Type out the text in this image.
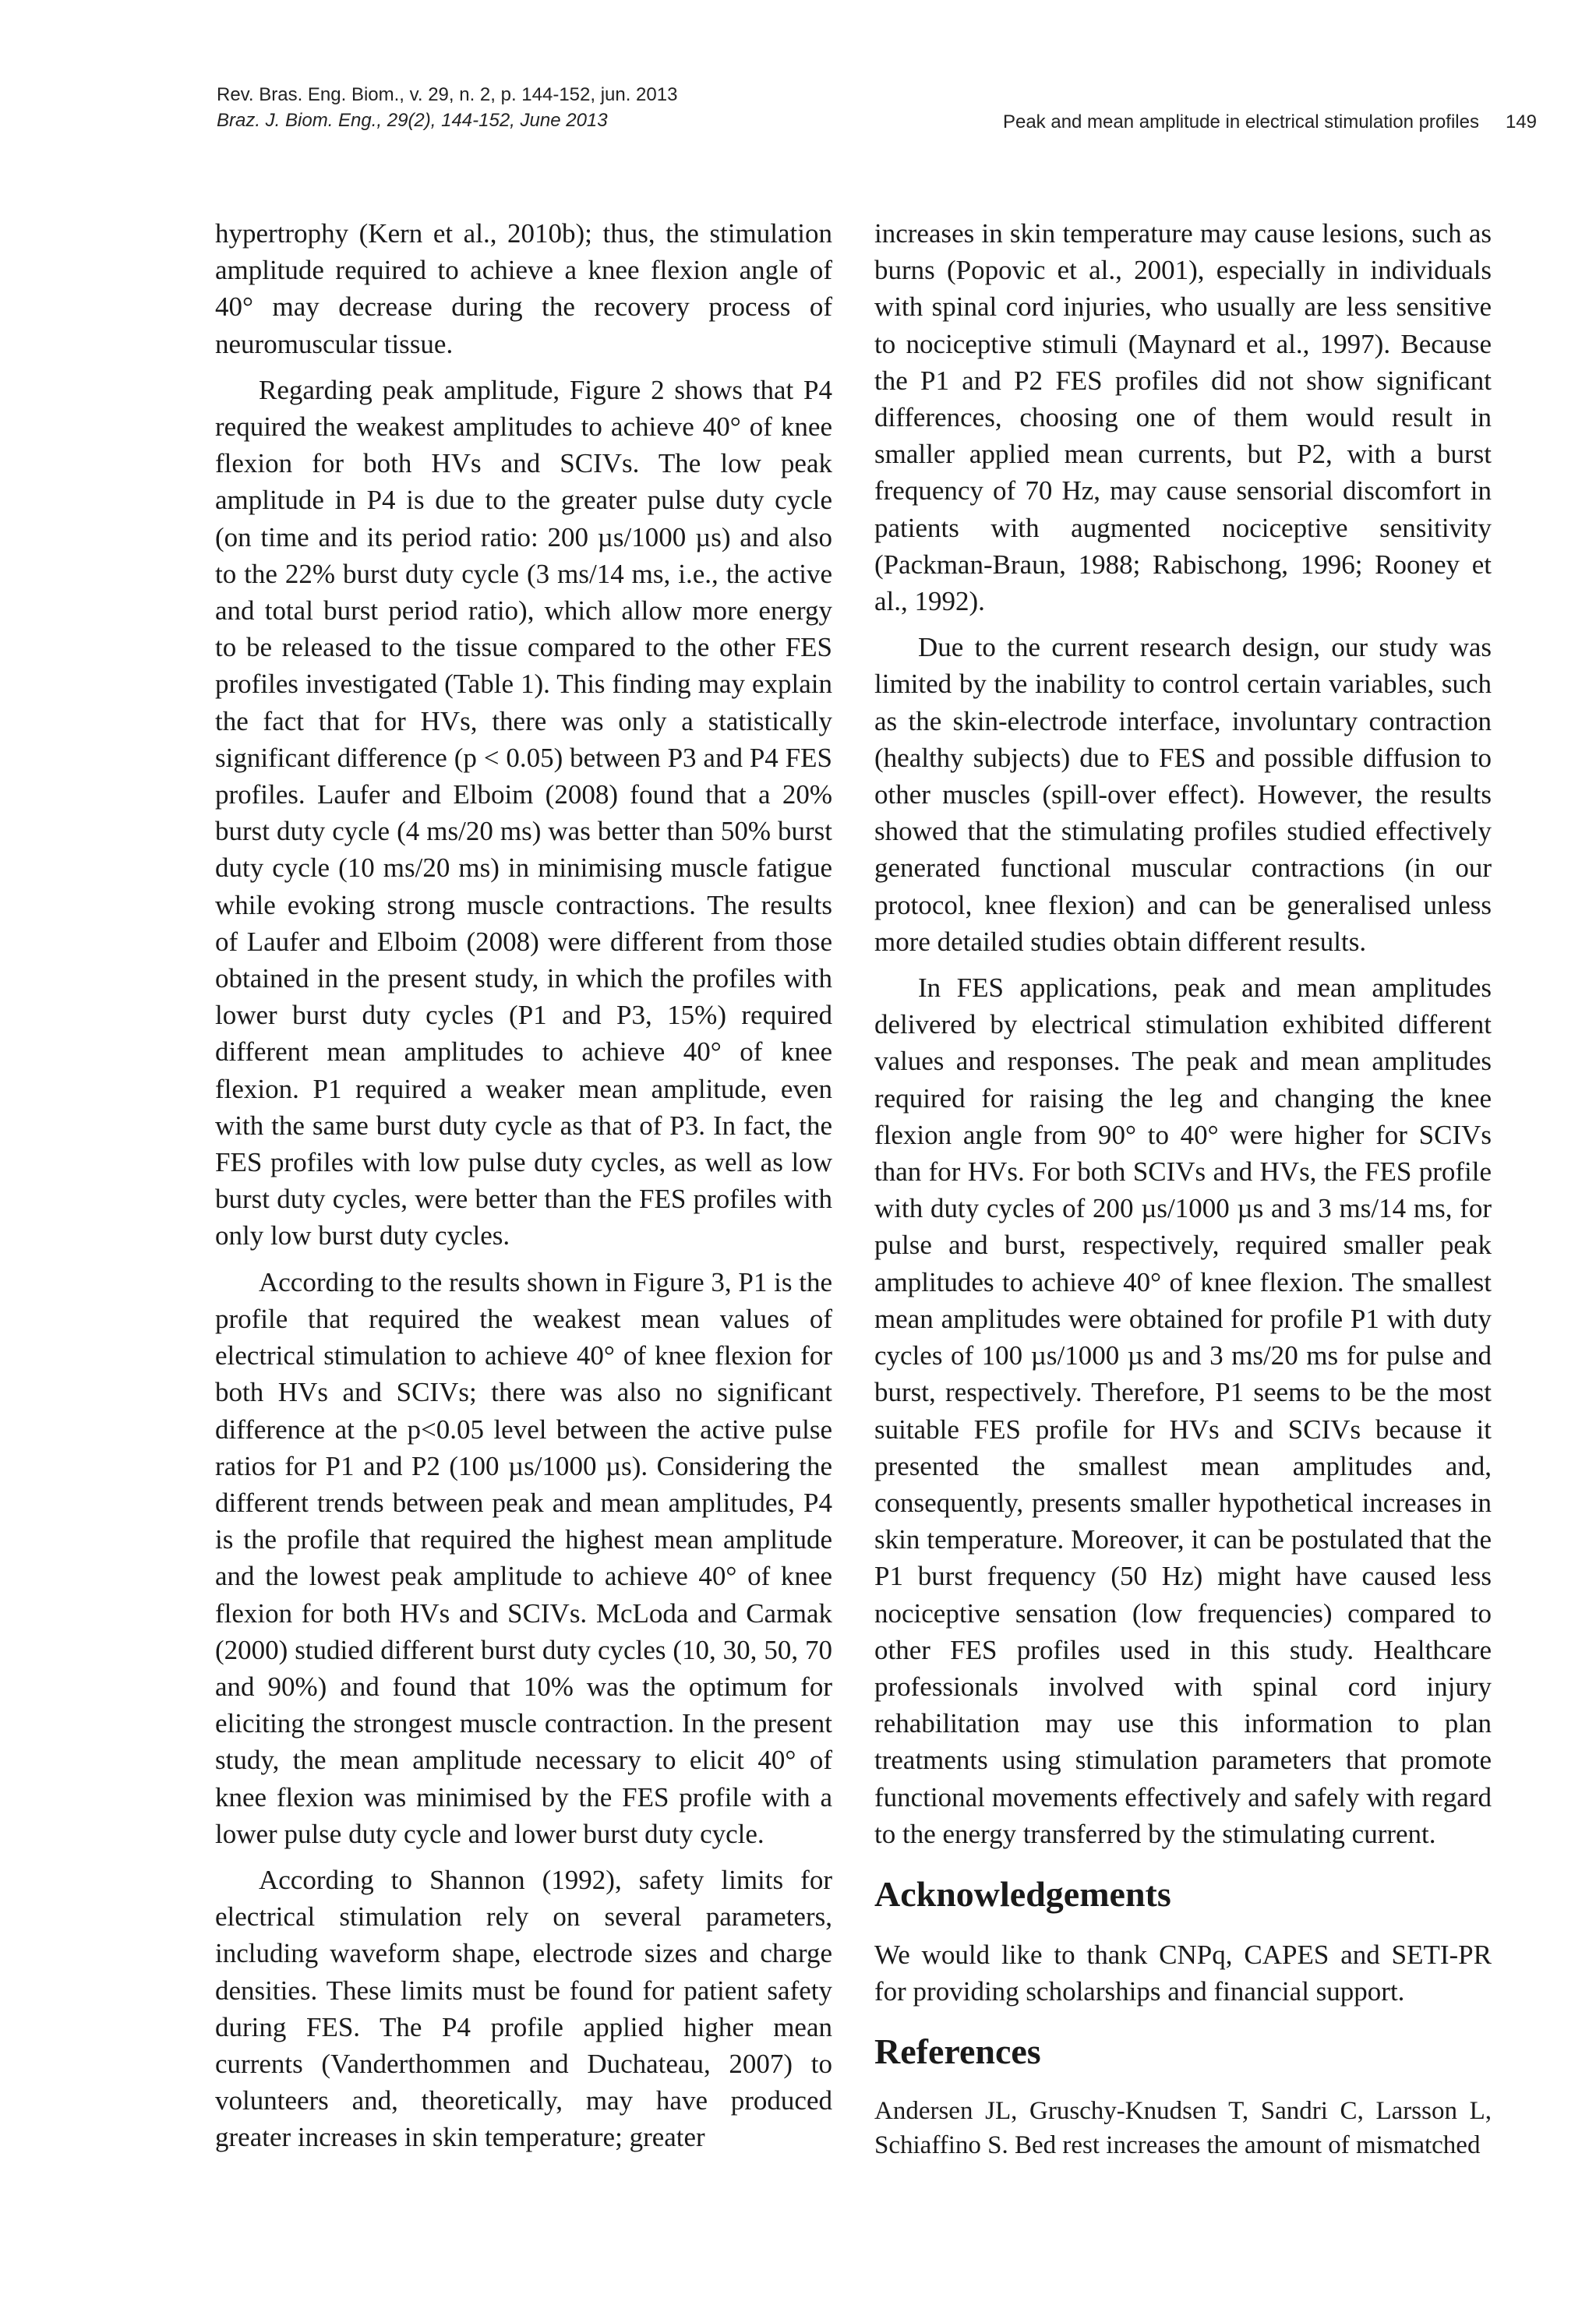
Rev. Bras. Eng. Biom., v. 29, n. 2, p. 144-152, jun. 2013
Braz. J. Biom. Eng., 29(2), 144-152, June 2013	Peak and mean amplitude in electrical stimulation profiles 149

hypertrophy (Kern et al., 2010b); thus, the stimulation amplitude required to achieve a knee flexion angle of 40° may decrease during the recovery process of neuromuscular tissue.

Regarding peak amplitude, Figure 2 shows that P4 required the weakest amplitudes to achieve 40° of knee flexion for both HVs and SCIVs. The low peak amplitude in P4 is due to the greater pulse duty cycle (on time and its period ratio: 200 µs/1000 µs) and also to the 22% burst duty cycle (3 ms/14 ms, i.e., the active and total burst period ratio), which allow more energy to be released to the tissue compared to the other FES profiles investigated (Table 1). This finding may explain the fact that for HVs, there was only a statistically significant difference (p < 0.05) between P3 and P4 FES profiles. Laufer and Elboim (2008) found that a 20% burst duty cycle (4 ms/20 ms) was better than 50% burst duty cycle (10 ms/20 ms) in minimising muscle fatigue while evoking strong muscle contractions. The results of Laufer and Elboim (2008) were different from those obtained in the present study, in which the profiles with lower burst duty cycles (P1 and P3, 15%) required different mean amplitudes to achieve 40° of knee flexion. P1 required a weaker mean amplitude, even with the same burst duty cycle as that of P3. In fact, the FES profiles with low pulse duty cycles, as well as low burst duty cycles, were better than the FES profiles with only low burst duty cycles.

According to the results shown in Figure 3, P1 is the profile that required the weakest mean values of electrical stimulation to achieve 40° of knee flexion for both HVs and SCIVs; there was also no significant difference at the p<0.05 level between the active pulse ratios for P1 and P2 (100 µs/1000 µs). Considering the different trends between peak and mean amplitudes, P4 is the profile that required the highest mean amplitude and the lowest peak amplitude to achieve 40° of knee flexion for both HVs and SCIVs. McLoda and Carmak (2000) studied different burst duty cycles (10, 30, 50, 70 and 90%) and found that 10% was the optimum for eliciting the strongest muscle contraction. In the present study, the mean amplitude necessary to elicit 40° of knee flexion was minimised by the FES profile with a lower pulse duty cycle and lower burst duty cycle.

According to Shannon (1992), safety limits for electrical stimulation rely on several parameters, including waveform shape, electrode sizes and charge densities. These limits must be found for patient safety during FES. The P4 profile applied higher mean currents (Vanderthommen and Duchateau, 2007) to volunteers and, theoretically, may have produced greater increases in skin temperature; greater

increases in skin temperature may cause lesions, such as burns (Popovic et al., 2001), especially in individuals with spinal cord injuries, who usually are less sensitive to nociceptive stimuli (Maynard et al., 1997). Because the P1 and P2 FES profiles did not show significant differences, choosing one of them would result in smaller applied mean currents, but P2, with a burst frequency of 70 Hz, may cause sensorial discomfort in patients with augmented nociceptive sensitivity (Packman-Braun, 1988; Rabischong, 1996; Rooney et al., 1992).

Due to the current research design, our study was limited by the inability to control certain variables, such as the skin-electrode interface, involuntary contraction (healthy subjects) due to FES and possible diffusion to other muscles (spill-over effect). However, the results showed that the stimulating profiles studied effectively generated functional muscular contractions (in our protocol, knee flexion) and can be generalised unless more detailed studies obtain different results.

In FES applications, peak and mean amplitudes delivered by electrical stimulation exhibited different values and responses. The peak and mean amplitudes required for raising the leg and changing the knee flexion angle from 90° to 40° were higher for SCIVs than for HVs. For both SCIVs and HVs, the FES profile with duty cycles of 200 µs/1000 µs and 3 ms/14 ms, for pulse and burst, respectively, required smaller peak amplitudes to achieve 40° of knee flexion. The smallest mean amplitudes were obtained for profile P1 with duty cycles of 100 µs/1000 µs and 3 ms/20 ms for pulse and burst, respectively. Therefore, P1 seems to be the most suitable FES profile for HVs and SCIVs because it presented the smallest mean amplitudes and, consequently, presents smaller hypothetical increases in skin temperature. Moreover, it can be postulated that the P1 burst frequency (50 Hz) might have caused less nociceptive sensation (low frequencies) compared to other FES profiles used in this study. Healthcare professionals involved with spinal cord injury rehabilitation may use this information to plan treatments using stimulation parameters that promote functional movements effectively and safely with regard to the energy transferred by the stimulating current.

Acknowledgements

We would like to thank CNPq, CAPES and SETI-PR for providing scholarships and financial support.

References

Andersen JL, Gruschy-Knudsen T, Sandri C, Larsson L, Schiaffino S. Bed rest increases the amount of mismatched
